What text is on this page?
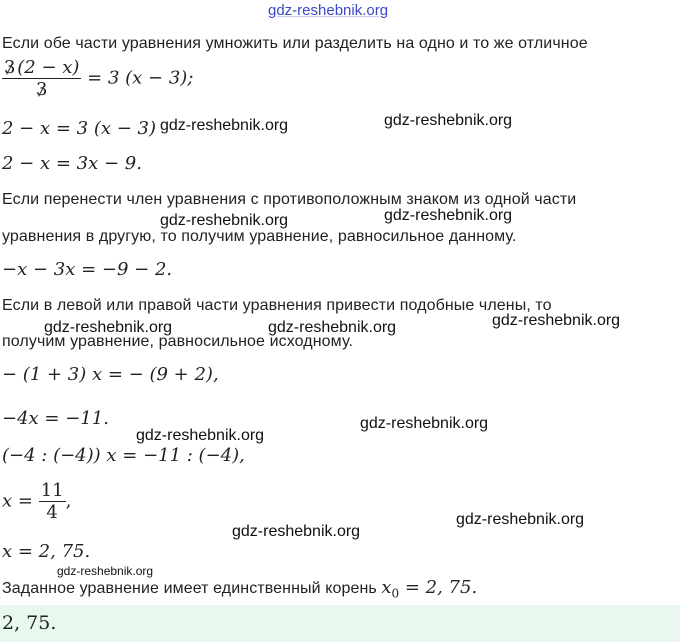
gdz-reshebnik.org
Если обе части уравнения умножить или разделить на одно и то же отличное
$\frac{3 (2 - x)}{3} = 3$ (x − 3);
2 − x = 3 (x − 3) gdz-reshebnik.org	gdz-reshebnik.org
2 − x = 3x − 9.
Если перенести член уравнения с противоположным знаком из одной части
gdz-reshebnik.org	gdz-reshebnik.org
уравнения в другую, то получим уравнение, равносильное данному.
−x − 3x = −9 − 2.
Если в левой или правой части уравнения привести подобные члены, то
gdz-reshebnik.org	gdz-reshebnik.org	gdz-reshebnik.org
получим уравнение, равносильное исходному.
− (1 + 3) x = − (9 + 2),
−4x = −11.	gdz-reshebnik.org
gdz-reshebnik.org
(−4 : (−4)) x = −11 : (−4),
$x = \frac{11}{4}$ ,
gdz-reshebnik.org
gdz-reshebnik.org
x = 2, 75.
gdz-reshebnik.org
Заданное уравнение имеет единственный корень $x_0 = 2$, 75.
2, 75.
